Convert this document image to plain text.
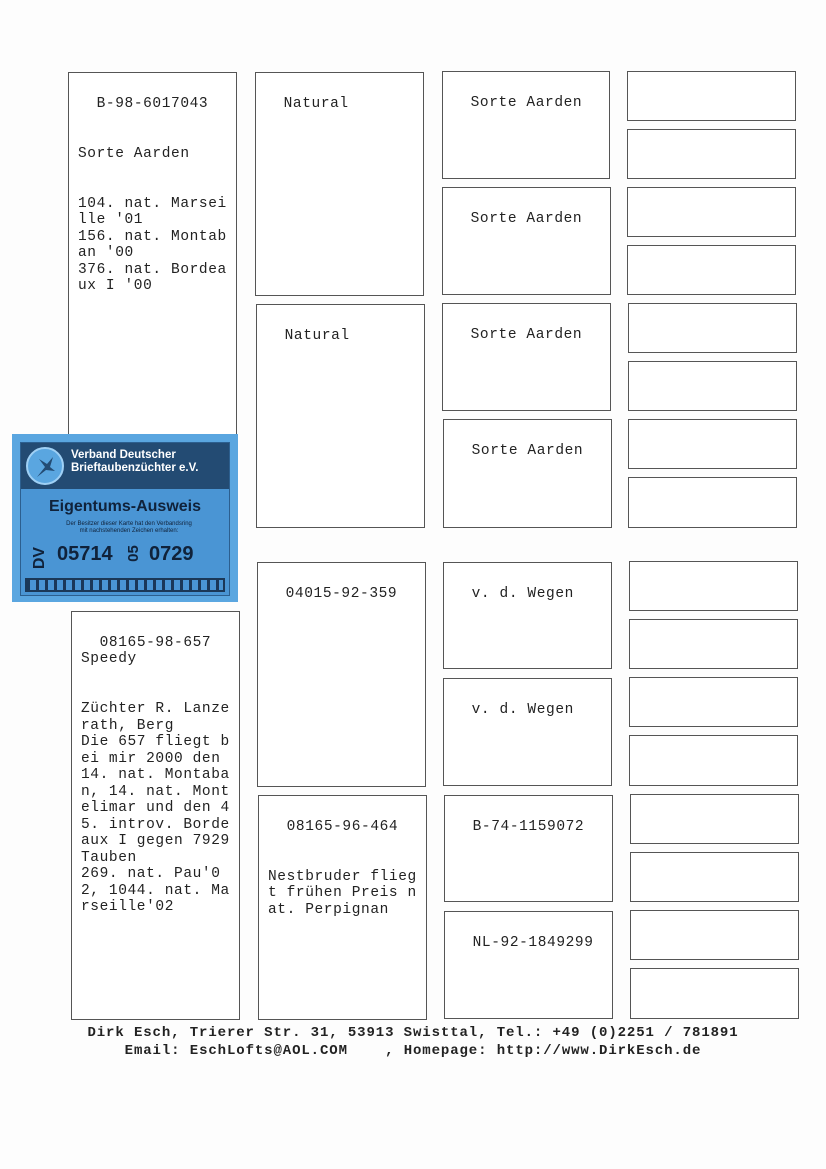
B-98-6017043

Sorte Aarden

104. nat. Marseille '01
156. nat. Montaban '00
376. nat. Bordeaux I '00

Natural

Natural

Sorte Aarden

Sorte Aarden

Sorte Aarden

Sorte Aarden

08165-98-657
Speedy

Züchter R. Lanzerath, Berg
Die 657 fliegt bei mir 2000 den 14. nat. Montaban, 14. nat. Montelimar und den 45. introv. Bordeaux I gegen 7929 Tauben
269. nat. Pau'02, 1044. nat. Marseille'02

04015-92-359

08165-96-464

Nestbruder fliegt frühen Preis nat. Perpignan

v. d. Wegen

v. d. Wegen

B-74-1159072

NL-92-1849299

Verband Deutscher
Brieftaubenzüchter e.V.
Eigentums-Ausweis
Der Besitzer dieser Karte hat den Verbandsring
mit nachstehenden Zeichen erhalten:
DV 05714 05 0729
Dirk Esch, Trierer Str. 31, 53913 Swisttal, Tel.: +49 (0)2251 / 781891
Email: EschLofts@AOL.COM    , Homepage: http://www.DirkEsch.de
